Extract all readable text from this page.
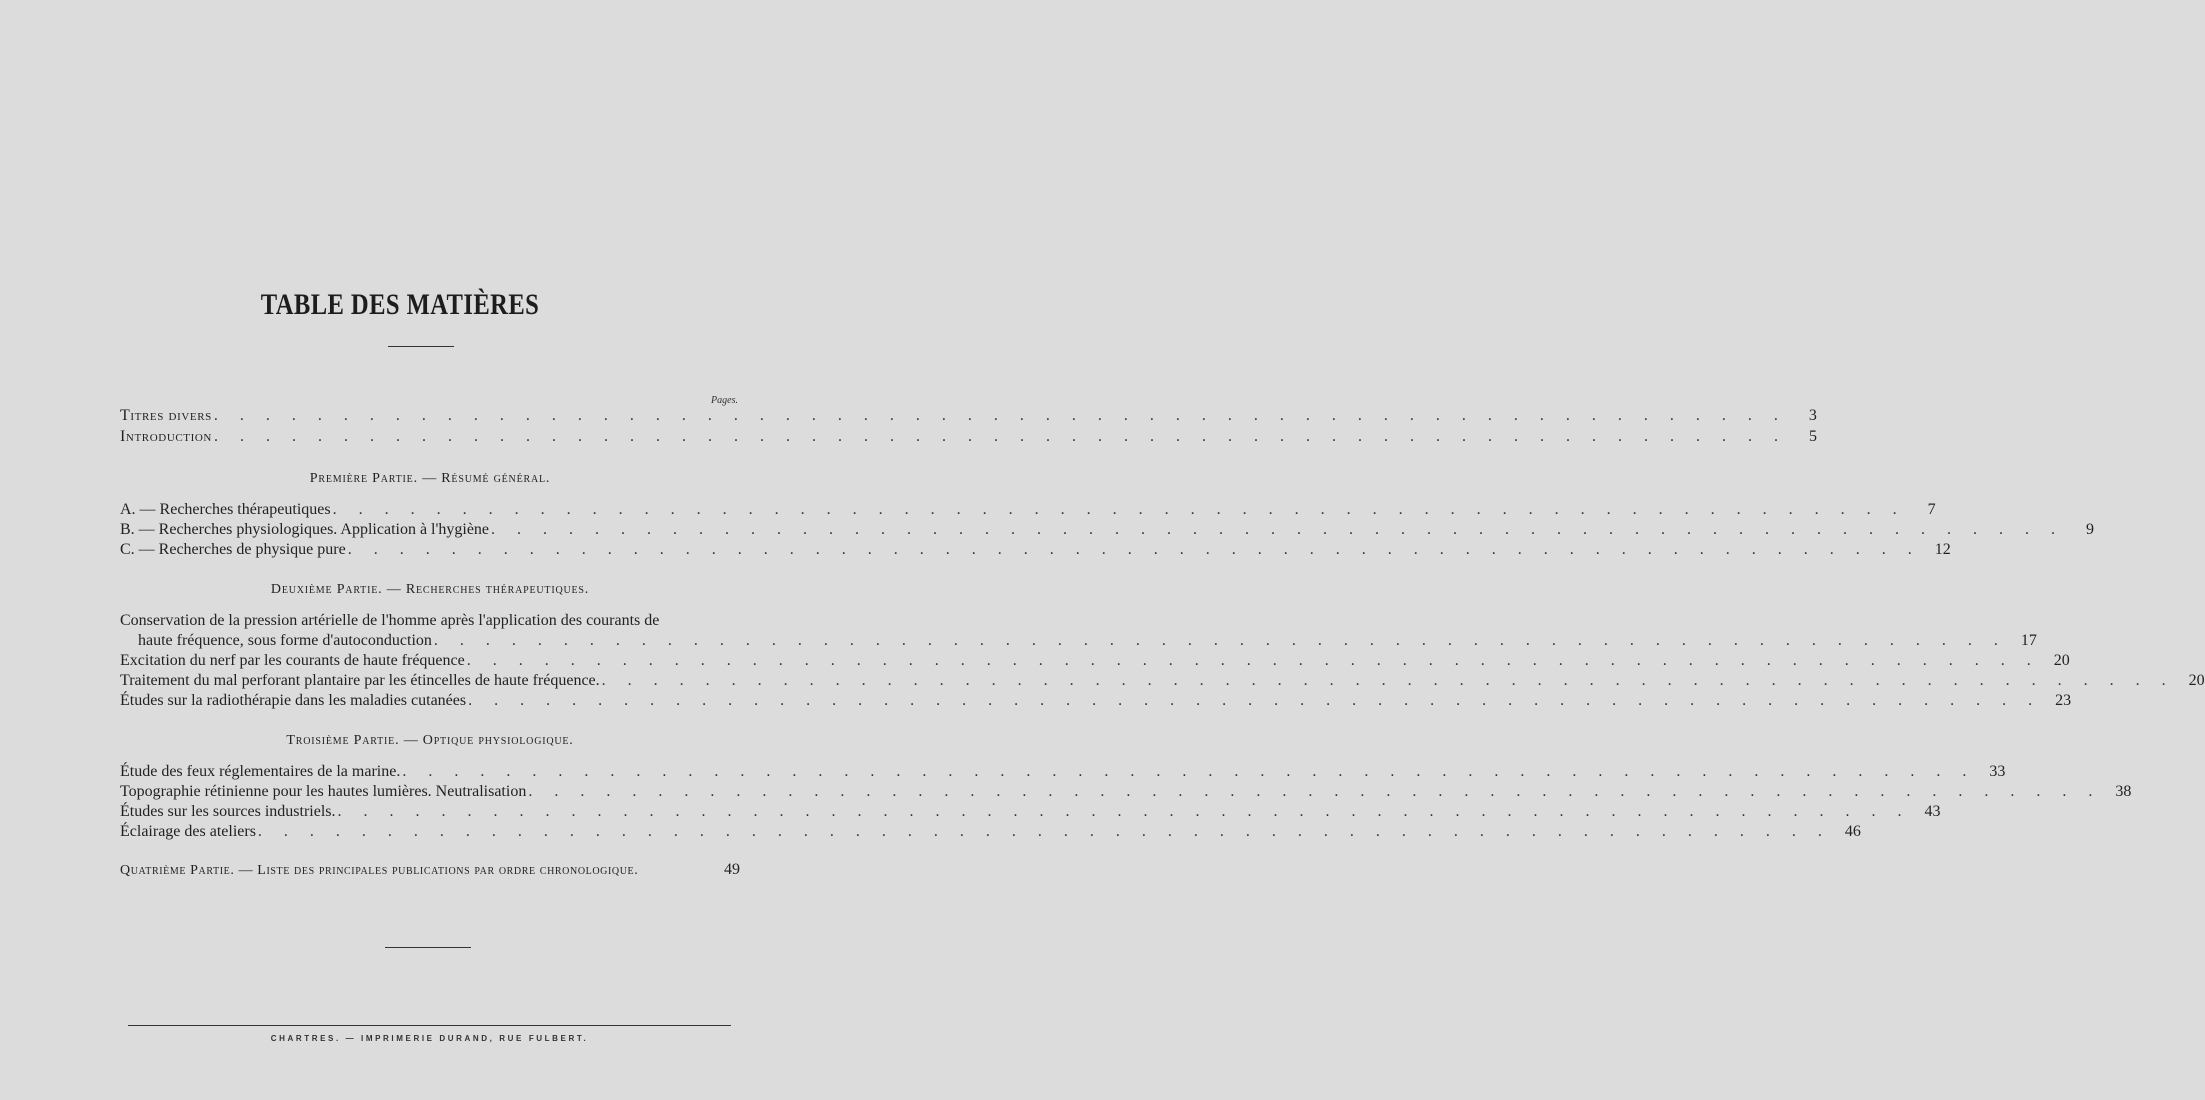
TABLE DES MATIÈRES
Pages.
Titres divers . . . . . . . . . . . . . . . . . . . . . . . . . . . . . . . . . . . . . . . . . . . . . . . . . . . . . . . . . . . . .	3
Introduction . . . . . . . . . . . . . . . . . . . . . . . . . . . . . . . . . . . . . . . . . . . . . . . . . . . . . . . . . . . . .	5
Première Partie. — Résumé général.
A. — Recherches thérapeutiques . . . . . . . . . . . . . . . . . . . . . . . . . . . . . . . . . . . . . . . . . . . . . . . . . . . . . . . . . . . . .	7
B. — Recherches physiologiques. Application à l'hygiène . . . . . . . . . . . . . . . . . . . . . . . . . . . . . . . . . . . . . . . . . . . . . . . . . . . . . . . . . . . . .	9
C. — Recherches de physique pure . . . . . . . . . . . . . . . . . . . . . . . . . . . . . . . . . . . . . . . . . . . . . . . . . . . . . . . . . . . . . 12
Deuxième Partie. — Recherches thérapeutiques.
Conservation de la pression artérielle de l'homme après l'application des courants de
haute fréquence, sous forme d'autoconduction . . . . . . . . . . . . . . . . . . . . . . . . . . . . . . . . . . . . . . . . . . . . . . . . . . . . . . . . . . . . . 17
Excitation du nerf par les courants de haute fréquence . . . . . . . . . . . . . . . . . . . . . . . . . . . . . . . . . . . . . . . . . . . . . . . . . . . . . . . . . . . . . 20
Traitement du mal perforant plantaire par les étincelles de haute fréquence. . . . . . . . . . . . . . . . . . . . . . . . . . . . . . . . . . . . . . . . . . . . . . . . . . . . . . . . . . . . . . 20
Études sur la radiothérapie dans les maladies cutanées . . . . . . . . . . . . . . . . . . . . . . . . . . . . . . . . . . . . . . . . . . . . . . . . . . . . . . . . . . . . . 23
Troisième Partie. — Optique physiologique.
Étude des feux réglementaires de la marine. . . . . . . . . . . . . . . . . . . . . . . . . . . . . . . . . . . . . . . . . . . . . . . . . . . . . . . . . . . . . . 33
Topographie rétinienne pour les hautes lumières. Neutralisation . . . . . . . . . . . . . . . . . . . . . . . . . . . . . . . . . . . . . . . . . . . . . . . . . . . . . . . . . . . . . 38
Études sur les sources industriels. . . . . . . . . . . . . . . . . . . . . . . . . . . . . . . . . . . . . . . . . . . . . . . . . . . . . . . . . . . . . . 43
Éclairage des ateliers . . . . . . . . . . . . . . . . . . . . . . . . . . . . . . . . . . . . . . . . . . . . . . . . . . . . . . . . . . . . . 46
Quatrième Partie. — Liste des principales publications par ordre chronologique.	49
CHARTRES. — IMPRIMERIE DURAND, RUE FULBERT.
